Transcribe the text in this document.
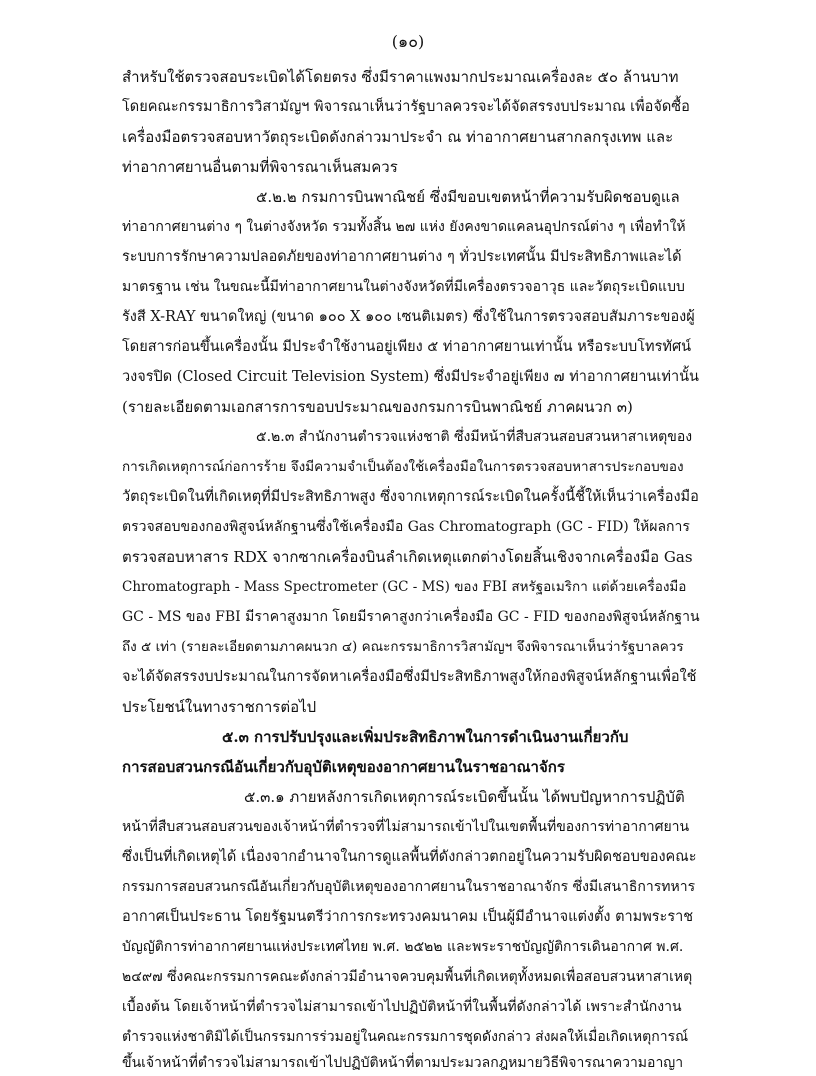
(๑๐)
สำหรับใช้ตรวจสอบระเบิดได้โดยตรง ซึ่งมีราคาแพงมากประมาณเครื่องละ ๕๐ ล้านบาท
โดยคณะกรรมาธิการวิสามัญฯ พิจารณาเห็นว่ารัฐบาลควรจะได้จัดสรรงบประมาณ เพื่อจัดซื้อ
เครื่องมือตรวจสอบหาวัตถุระเบิดดังกล่าวมาประจำ ณ ท่าอากาศยานสากลกรุงเทพ และ
ท่าอากาศยานอื่นตามที่พิจารณาเห็นสมควร
๕.๒.๒ กรมการบินพาณิชย์ ซึ่งมีขอบเขตหน้าที่ความรับผิดชอบดูแล
ท่าอากาศยานต่าง ๆ ในต่างจังหวัด รวมทั้งสิ้น ๒๗ แห่ง ยังคงขาดแคลนอุปกรณ์ต่าง ๆ เพื่อทำให้
ระบบการรักษาความปลอดภัยของท่าอากาศยานต่าง ๆ ทั่วประเทศนั้น มีประสิทธิภาพและได้
มาตรฐาน เช่น ในขณะนี้มีท่าอากาศยานในต่างจังหวัดที่มีเครื่องตรวจอาวุธ และวัตถุระเบิดแบบ
รังสี X-RAY ขนาดใหญ่ (ขนาด ๑๐๐ X ๑๐๐ เซนติเมตร) ซึ่งใช้ในการตรวจสอบสัมภาระของผู้
โดยสารก่อนขึ้นเครื่องนั้น มีประจำใช้งานอยู่เพียง ๕ ท่าอากาศยานเท่านั้น หรือระบบโทรทัศน์
วงจรปิด (Closed Circuit Television System) ซึ่งมีประจำอยู่เพียง ๗ ท่าอากาศยานเท่านั้น
(รายละเอียดตามเอกสารการขอบประมาณของกรมการบินพาณิชย์ ภาคผนวก ๓)
๕.๒.๓ สำนักงานตำรวจแห่งชาติ ซึ่งมีหน้าที่สืบสวนสอบสวนหาสาเหตุของ
การเกิดเหตุการณ์ก่อการร้าย จึงมีความจำเป็นต้องใช้เครื่องมือในการตรวจสอบหาสารประกอบของ
วัตถุระเบิดในที่เกิดเหตุที่มีประสิทธิภาพสูง ซึ่งจากเหตุการณ์ระเบิดในครั้งนี้ชี้ให้เห็นว่าเครื่องมือ
ตรวจสอบของกองพิสูจน์หลักฐานซึ่งใช้เครื่องมือ Gas Chromatograph (GC - FID) ให้ผลการ
ตรวจสอบหาสาร RDX จากซากเครื่องบินลำเกิดเหตุแตกต่างโดยสิ้นเชิงจากเครื่องมือ Gas
Chromatograph - Mass Spectrometer (GC - MS) ของ FBI สหรัฐอเมริกา แต่ด้วยเครื่องมือ
GC - MS ของ FBI มีราคาสูงมาก โดยมีราคาสูงกว่าเครื่องมือ GC - FID ของกองพิสูจน์หลักฐาน
ถึง ๕ เท่า (รายละเอียดตามภาคผนวก ๔) คณะกรรมาธิการวิสามัญฯ จึงพิจารณาเห็นว่ารัฐบาลควร
จะได้จัดสรรงบประมาณในการจัดหาเครื่องมือซึ่งมีประสิทธิภาพสูงให้กองพิสูจน์หลักฐานเพื่อใช้
ประโยชน์ในทางราชการต่อไป
๕.๓ การปรับปรุงและเพิ่มประสิทธิภาพในการดำเนินงานเกี่ยวกับ
การสอบสวนกรณีอันเกี่ยวกับอุบัติเหตุของอากาศยานในราชอาณาจักร
๕.๓.๑ ภายหลังการเกิดเหตุการณ์ระเบิดขึ้นนั้น ได้พบปัญหาการปฏิบัติ
หน้าที่สืบสวนสอบสวนของเจ้าหน้าที่ตำรวจที่ไม่สามารถเข้าไปในเขตพื้นที่ของการท่าอากาศยาน
ซึ่งเป็นที่เกิดเหตุได้ เนื่องจากอำนาจในการดูแลพื้นที่ดังกล่าวตกอยู่ในความรับผิดชอบของคณะ
กรรมการสอบสวนกรณีอันเกี่ยวกับอุบัติเหตุของอากาศยานในราชอาณาจักร ซึ่งมีเสนาธิการทหาร
อากาศเป็นประธาน โดยรัฐมนตรีว่าการกระทรวงคมนาคม เป็นผู้มีอำนาจแต่งตั้ง ตามพระราช
บัญญัติการท่าอากาศยานแห่งประเทศไทย พ.ศ. ๒๕๒๒ และพระราชบัญญัติการเดินอากาศ พ.ศ.
๒๔๙๗ ซึ่งคณะกรรมการคณะดังกล่าวมีอำนาจควบคุมพื้นที่เกิดเหตุทั้งหมดเพื่อสอบสวนหาสาเหตุ
เบื้องต้น โดยเจ้าหน้าที่ตำรวจไม่สามารถเข้าไปปฏิบัติหน้าที่ในพื้นที่ดังกล่าวได้ เพราะสำนักงาน
ตำรวจแห่งชาติมิได้เป็นกรรมการร่วมอยู่ในคณะกรรมการชุดดังกล่าว ส่งผลให้เมื่อเกิดเหตุการณ์
ขึ้นเจ้าหน้าที่ตำรวจไม่สามารถเข้าไปปฏิบัติหน้าที่ตามประมวลกฎหมายวิธีพิจารณาความอาญา
